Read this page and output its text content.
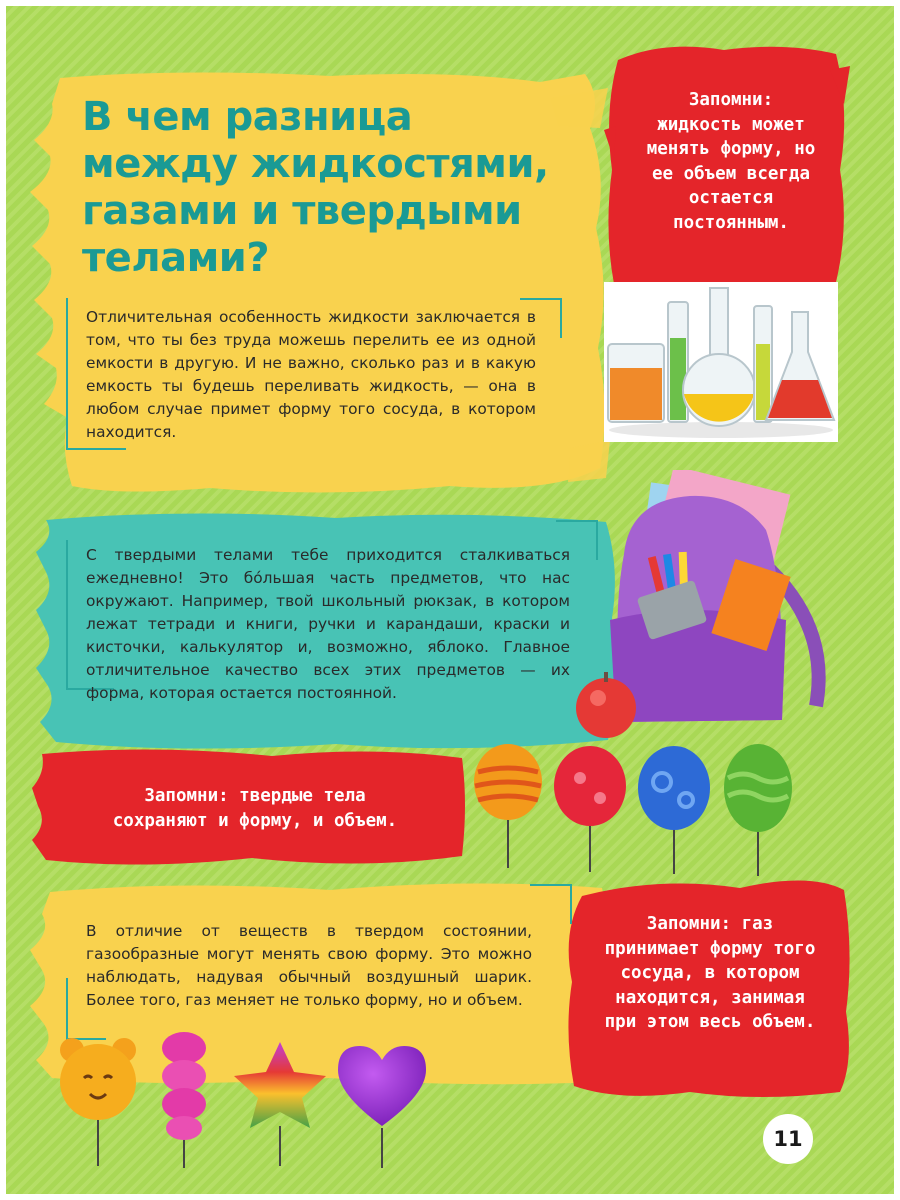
В чем разница между жидкостями, газами и твердыми телами?

Отличительная особенность жидкости заключается в том, что ты без труда можешь перелить ее из одной емкости в другую. И не важно, сколько раз и в какую емкость ты будешь переливать жидкость, — она в любом случае примет форму того сосуда, в котором находится.

С твердыми телами тебе приходится сталкиваться ежедневно! Это бо́льшая часть предметов, что нас окружают. Например, твой школьный рюкзак, в котором лежат тетради и книги, ручки и карандаши, краски и кисточки, калькулятор и, возможно, яблоко. Главное отличительное качество всех этих предметов — их форма, которая остается постоянной.

В отличие от веществ в твердом состоянии, газообразные могут менять свою форму. Это можно наблюдать, надувая обычный воздушный шарик. Более того, газ меняет не только форму, но и объем.

Запомни: жидкость может менять форму, но ее объем всегда остается постоянным.

Запомни: твердые тела сохраняют и форму, и объем.

Запомни: газ принимает форму того сосуда, в котором находится, занимая при этом весь объем.

11
